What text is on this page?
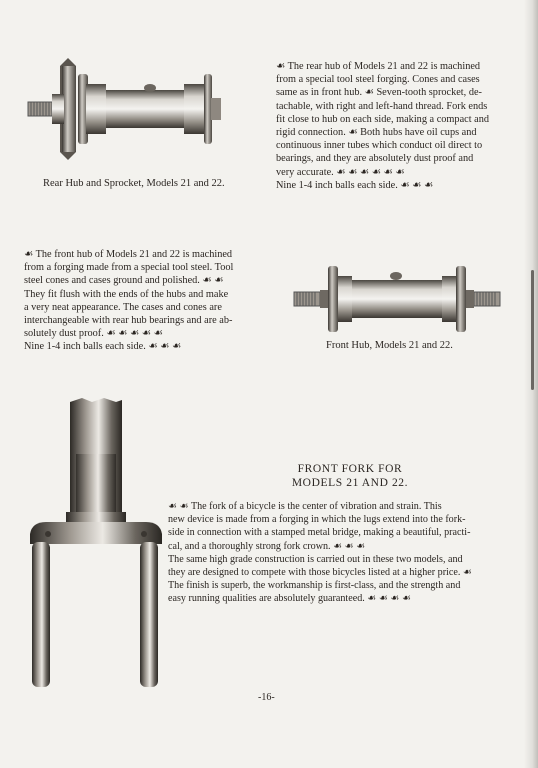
Rear Hub and Sprocket, Models 21 and 22.
☙ The rear hub of Models 21 and 22 is machined
from a special tool steel forging. Cones and cases
same as in front hub. ☙ Seven-tooth sprocket, de-
tachable, with right and left-hand thread. Fork ends
fit close to hub on each side, making a compact and
rigid connection. ☙ Both hubs have oil cups and
continuous inner tubes which conduct oil direct to
bearings, and they are absolutely dust proof and
very accurate. ☙ ☙ ☙ ☙ ☙ ☙
Nine 1-4 inch balls each side. ☙ ☙ ☙
☙ The front hub of Models 21 and 22 is machined
from a forging made from a special tool steel. Tool
steel cones and cases ground and polished. ☙ ☙
They fit flush with the ends of the hubs and make
a very neat appearance. The cases and cones are
interchangeable with rear hub bearings and are ab-
solutely dust proof. ☙ ☙ ☙ ☙ ☙
Nine 1-4 inch balls each side. ☙ ☙ ☙	Front Hub, Models 21 and 22.
FRONT FORK FOR
MODELS 21 AND 22.
☙ ☙ The fork of a bicycle is the center of vibration and strain. This
new device is made from a forging in which the lugs extend into the fork-
side in connection with a stamped metal bridge, making a beautiful, practi-
cal, and a thoroughly strong fork crown. ☙ ☙ ☙
The same high grade construction is carried out in these two models, and
they are designed to compete with those bicycles listed at a higher price. ☙
The finish is superb, the workmanship is first-class, and the strength and
easy running qualities are absolutely guaranteed. ☙ ☙ ☙ ☙
-16-
